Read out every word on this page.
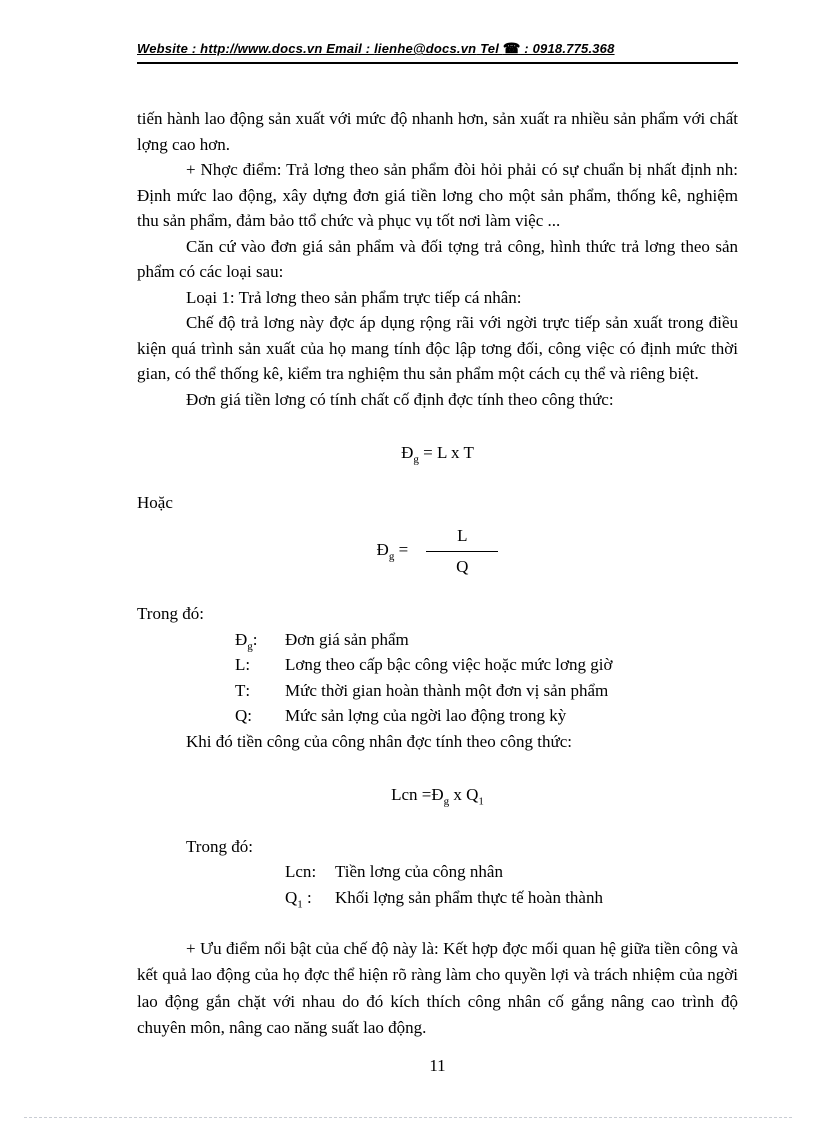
Website : http://www.docs.vn Email : lienhe@docs.vn Tel ☎ : 0918.775.368

tiến hành lao động sản xuất với mức độ nhanh hơn, sản xuất ra nhiều sản phẩm với chất lợng cao hơn.

+ Nhợc điểm: Trả lơng theo sản phẩm đòi hỏi phải có sự chuẩn bị nhất định nh: Định mức lao động, xây dựng đơn giá tiền lơng cho một sản phẩm, thống kê, nghiệm thu sản phẩm, đảm bảo ttổ chức và phục vụ tốt nơi làm việc ...

Căn cứ vào đơn giá sản phẩm và đối tợng trả công, hình thức trả lơng theo sản phẩm có các loại sau:

Loại 1: Trả lơng theo sản phẩm trực tiếp cá nhân:

Chế độ trả lơng này đợc áp dụng rộng rãi với ngời trực tiếp sản xuất trong điều kiện quá trình sản xuất của họ mang tính độc lập tơng đối, công việc có định mức thời gian, có thể thống kê, kiểm tra nghiệm thu sản phẩm một cách cụ thể và riêng biệt.

Đơn giá tiền lơng có tính chất cố định đợc tính theo công thức:

$Đ_g = L$ x T

Hoặc

$Đ_g = \frac{L}{Q}$

Trong đó:

$Đ_g$:	Đơn giá sản phẩm
L:	Lơng theo cấp bậc công việc hoặc mức lơng giờ
T:	Mức thời gian hoàn thành một đơn vị sản phẩm
Q:	Mức sản lợng của ngời lao động trong kỳ

Khi đó tiền công của công nhân đợc tính theo công thức:

Lcn $=Đ_g$ x $Q_1$

Trong đó:

Lcn:	Tiền lơng của công nhân
$Q_1$ :	Khối lợng sản phẩm thực tế hoàn thành

+ Ưu điểm nổi bật của chế độ này là: Kết hợp đợc mối quan hệ giữa tiền công và kết quả lao động của họ đợc thể hiện rõ ràng làm cho quyền lợi và trách nhiệm của ngời lao động gắn chặt với nhau do đó kích thích công nhân cố gắng nâng cao trình độ chuyên môn, nâng cao năng suất lao động.

11
